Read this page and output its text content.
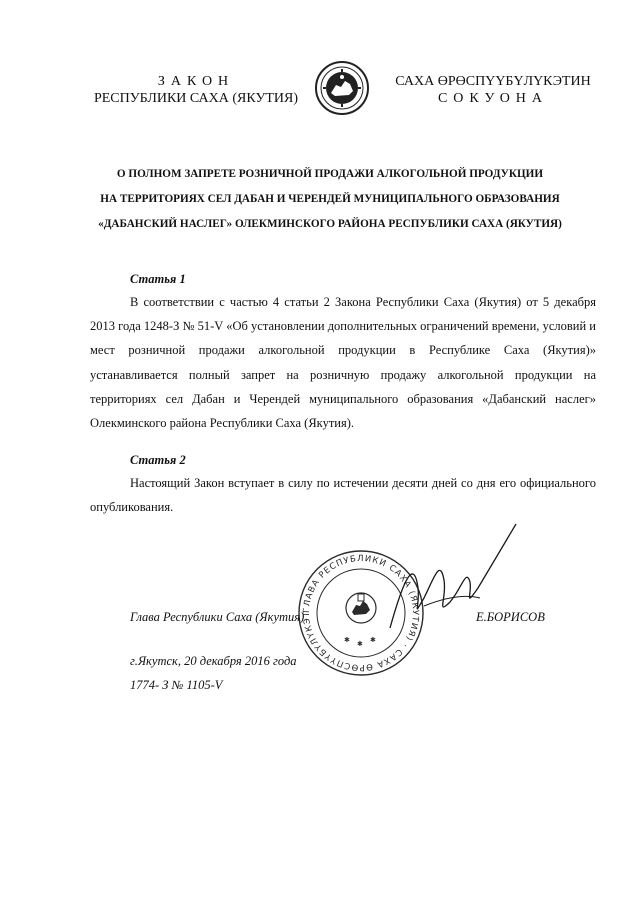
ЗАКОН
РЕСПУБЛИКИ САХА (ЯКУТИЯ)
САХА ӨРӨСПҮҮБҮЛҮКЭТИН
СОКУОНА
О ПОЛНОМ ЗАПРЕТЕ РОЗНИЧНОЙ ПРОДАЖИ АЛКОГОЛЬНОЙ ПРОДУКЦИИ
НА ТЕРРИТОРИЯХ СЕЛ ДАБАН И ЧЕРЕНДЕЙ МУНИЦИПАЛЬНОГО ОБРАЗОВАНИЯ
«ДАБАНСКИЙ НАСЛЕГ» ОЛЕКМИНСКОГО РАЙОНА РЕСПУБЛИКИ САХА (ЯКУТИЯ)
Статья 1

В соответствии с частью 4 статьи 2 Закона Республики Саха (Якутия) от 5 декабря 2013 года 1248-З № 51-V «Об установлении дополнительных ограничений времени, условий и мест розничной продажи алкогольной продукции в Республике Саха (Якутия)» устанавливается полный запрет на розничную продажу алкогольной продукции на территориях сел Дабан и Черендей муниципального образования «Дабанский наслег» Олекминского района Республики Саха (Якутия).

Статья 2

Настоящий Закон вступает в силу по истечении десяти дней со дня его официального опубликования.

ГЛАВА РЕСПУБЛИКИ САХА (ЯКУТИЯ) · САХА ӨРӨСПҮҮБҮЛҮКЭТ
✱ ✱ ✱
Глава Республики Саха (Якутия)	Е.БОРИСОВ
г.Якутск, 20 декабря 2016 года
1774- З № 1105-V
